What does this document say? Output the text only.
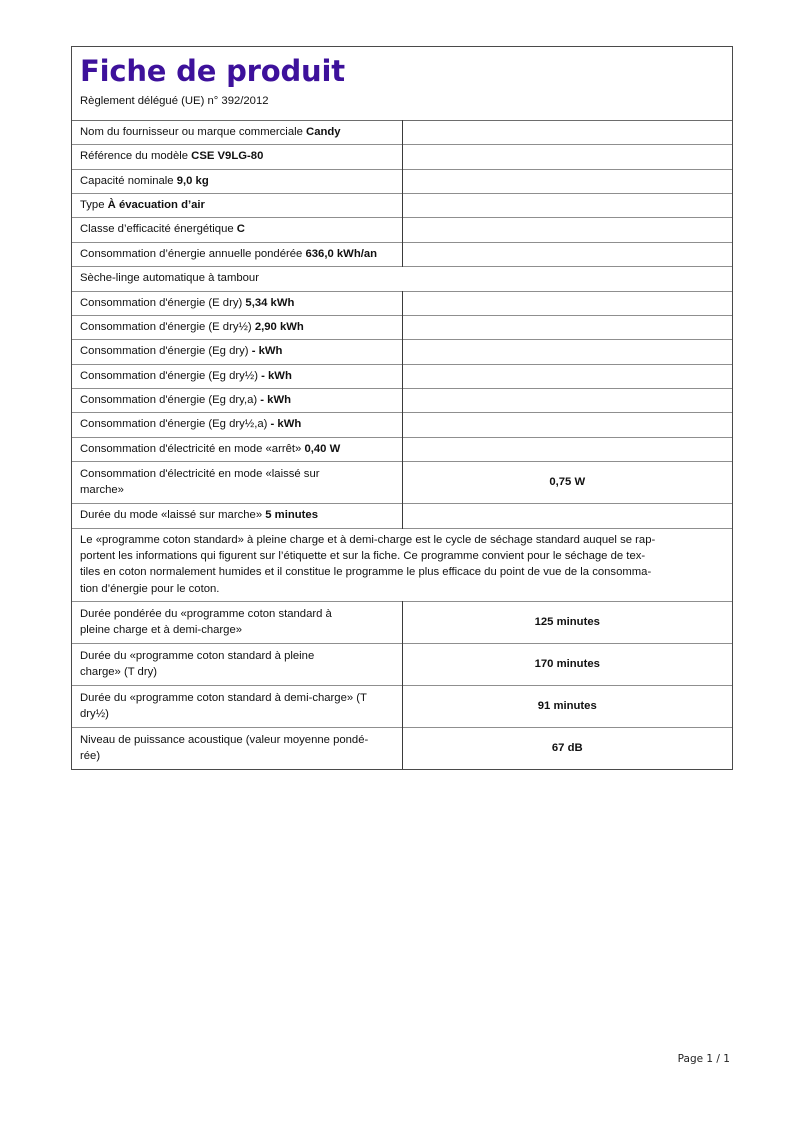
Fiche de produit
Règlement délégué (UE) n° 392/2012
Nom du fournisseur ou marque commerciale Candy	
Référence du modèle CSE V9LG-80	
Capacité nominale 9,0 kg	
Type À évacuation d’air	
Classe d’efficacité énergétique C	
Consommation d’énergie annuelle pondérée 636,0 kWh/an	
Sèche-linge automatique à tambour	
Consommation d'énergie (E dry) 5,34 kWh	
Consommation d'énergie (E dry½) 2,90 kWh	
Consommation d'énergie (Eg dry) - kWh	
Consommation d'énergie (Eg dry½) - kWh	
Consommation d'énergie (Eg dry,a) - kWh	
Consommation d'énergie (Eg dry½,a) - kWh	
Consommation d'électricité en mode «arrêt» 0,40 W	

Consommation d'électricité en mode «laissé sur
marche»	0,75 W
Durée du mode «laissé sur marche» 5 minutes	

Le «programme coton standard» à pleine charge et à demi-charge est le cycle de séchage standard auquel se rap-
portent les informations qui figurent sur l’étiquette et sur la fiche. Ce programme convient pour le séchage de tex-
tiles en coton normalement humides et il constitue le programme le plus efficace du point de vue de la consomma-
tion d’énergie pour le coton.	

Durée pondérée du «programme coton standard à
pleine charge et à demi-charge»	125 minutes

Durée du «programme coton standard à pleine
charge» (T dry)	170 minutes

Durée du «programme coton standard à demi-charge» (T
dry½)	91 minutes

Niveau de puissance acoustique (valeur moyenne pondé-
rée)	67 dB
Page 1 / 1
